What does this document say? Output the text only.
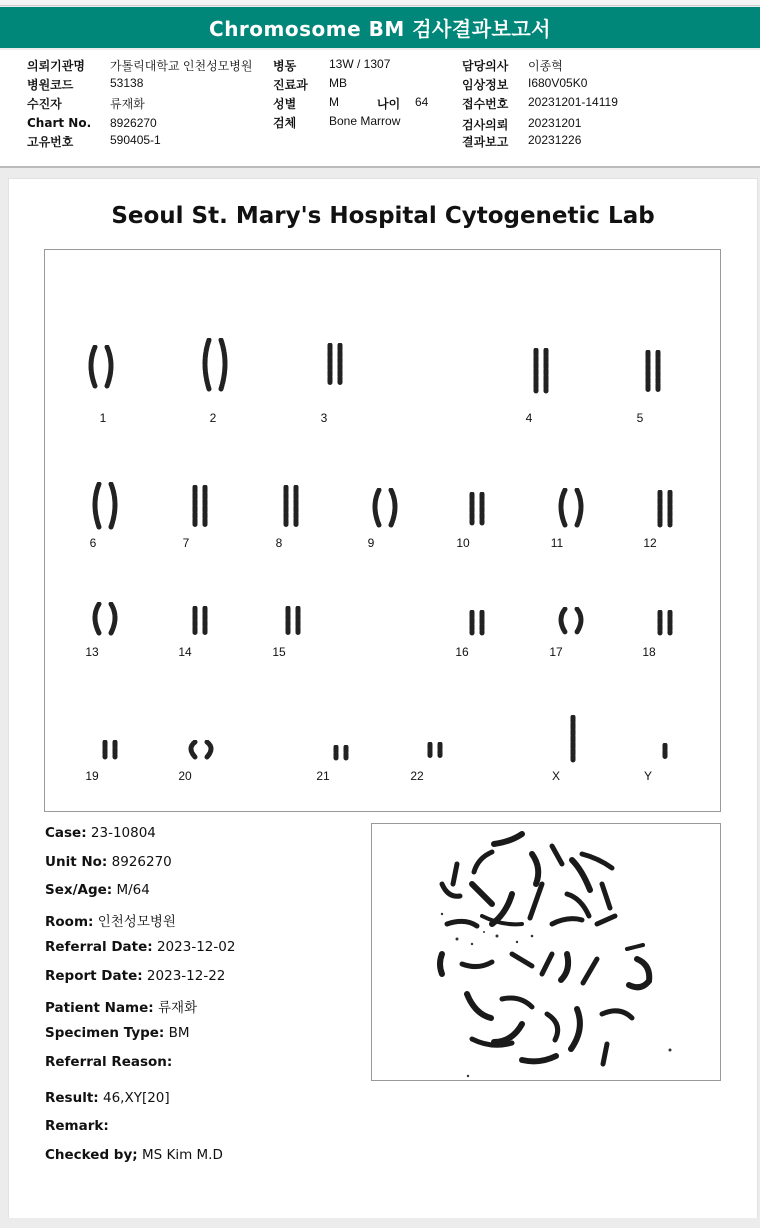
Chromosome BM 검사결과보고서
의뢰기관명 가톨릭대학교 인천성모병원
병원코드	53138
수진자	류재화
Chart No. 8926270
고유번호	590405-1
병동	13W / 1307
진료과 MB
성별	M	나이 64
검체	Bone Marrow
담당의사 이종혁
임상정보 I680V05K0
접수번호 20231201-14119
검사의뢰 20231201
결과보고 20231226
Seoul St. Mary's Hospital Cytogenetic Lab
1	2	3	4	5
6	7	8	9	10	11	12
13	14	15	16	17	18
19	20	21	22	X	Y
Case: 23-10804
Unit No: 8926270
Sex/Age: M/64
Room: 인천성모병원
Referral Date: 2023-12-02
Report Date: 2023-12-22
Patient Name: 류재화
Specimen Type: BM
Referral Reason:
Result: 46,XY[20]
Remark:
Checked by; MS Kim M.D
